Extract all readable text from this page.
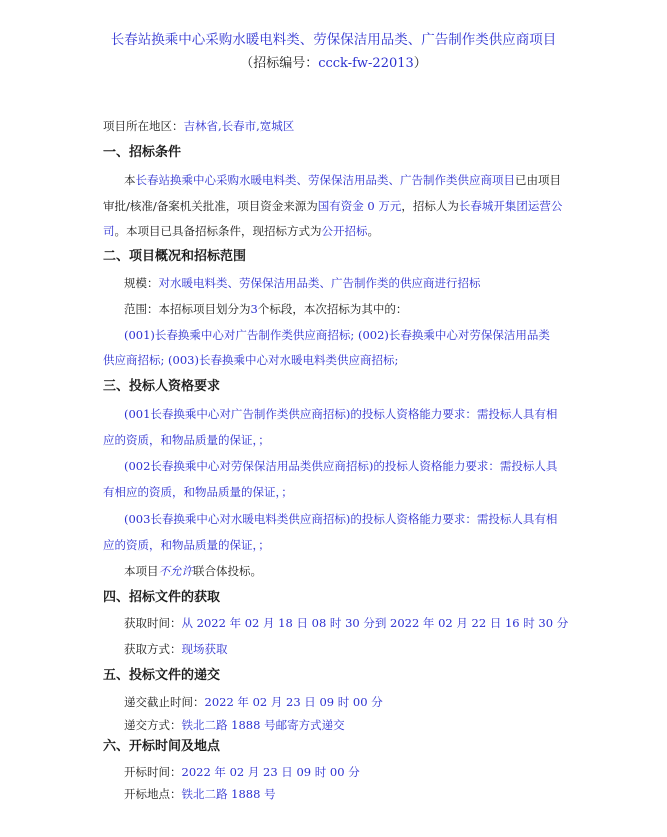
长春站换乘中心采购水暖电料类、劳保保洁用品类、广告制作类供应商项目
（招标编号：ccck-fw-22013）
项目所在地区：吉林省,长春市,宽城区
一、招标条件
本长春站换乘中心采购水暖电料类、劳保保洁用品类、广告制作类供应商项目已由项目
审批/核准/备案机关批准，项目资金来源为国有资金 0 万元，招标人为长春城开集团运营公
司。本项目已具备招标条件，现招标方式为公开招标。
二、项目概况和招标范围
规模：对水暖电料类、劳保保洁用品类、广告制作类的供应商进行招标
范围：本招标项目划分为3个标段，本次招标为其中的：
(001)长春换乘中心对广告制作类供应商招标; (002)长春换乘中心对劳保保洁用品类
供应商招标; (003)长春换乘中心对水暖电料类供应商招标;
三、投标人资格要求
(001长春换乘中心对广告制作类供应商招标)的投标人资格能力要求：需投标人具有相
应的资质，和物品质量的保证，；
(002长春换乘中心对劳保保洁用品类供应商招标)的投标人资格能力要求：需投标人具
有相应的资质，和物品质量的保证，；
(003长春换乘中心对水暖电料类供应商招标)的投标人资格能力要求：需投标人具有相
应的资质，和物品质量的保证，；
本项目不允许联合体投标。
四、招标文件的获取
获取时间：从 2022 年 02 月 18 日 08 时 30 分到 2022 年 02 月 22 日 16 时 30 分
获取方式：现场获取
五、投标文件的递交
递交截止时间：2022 年 02 月 23 日 09 时 00 分
递交方式：铁北二路 1888 号邮寄方式递交
六、开标时间及地点
开标时间：2022 年 02 月 23 日 09 时 00 分
开标地点：铁北二路 1888 号
